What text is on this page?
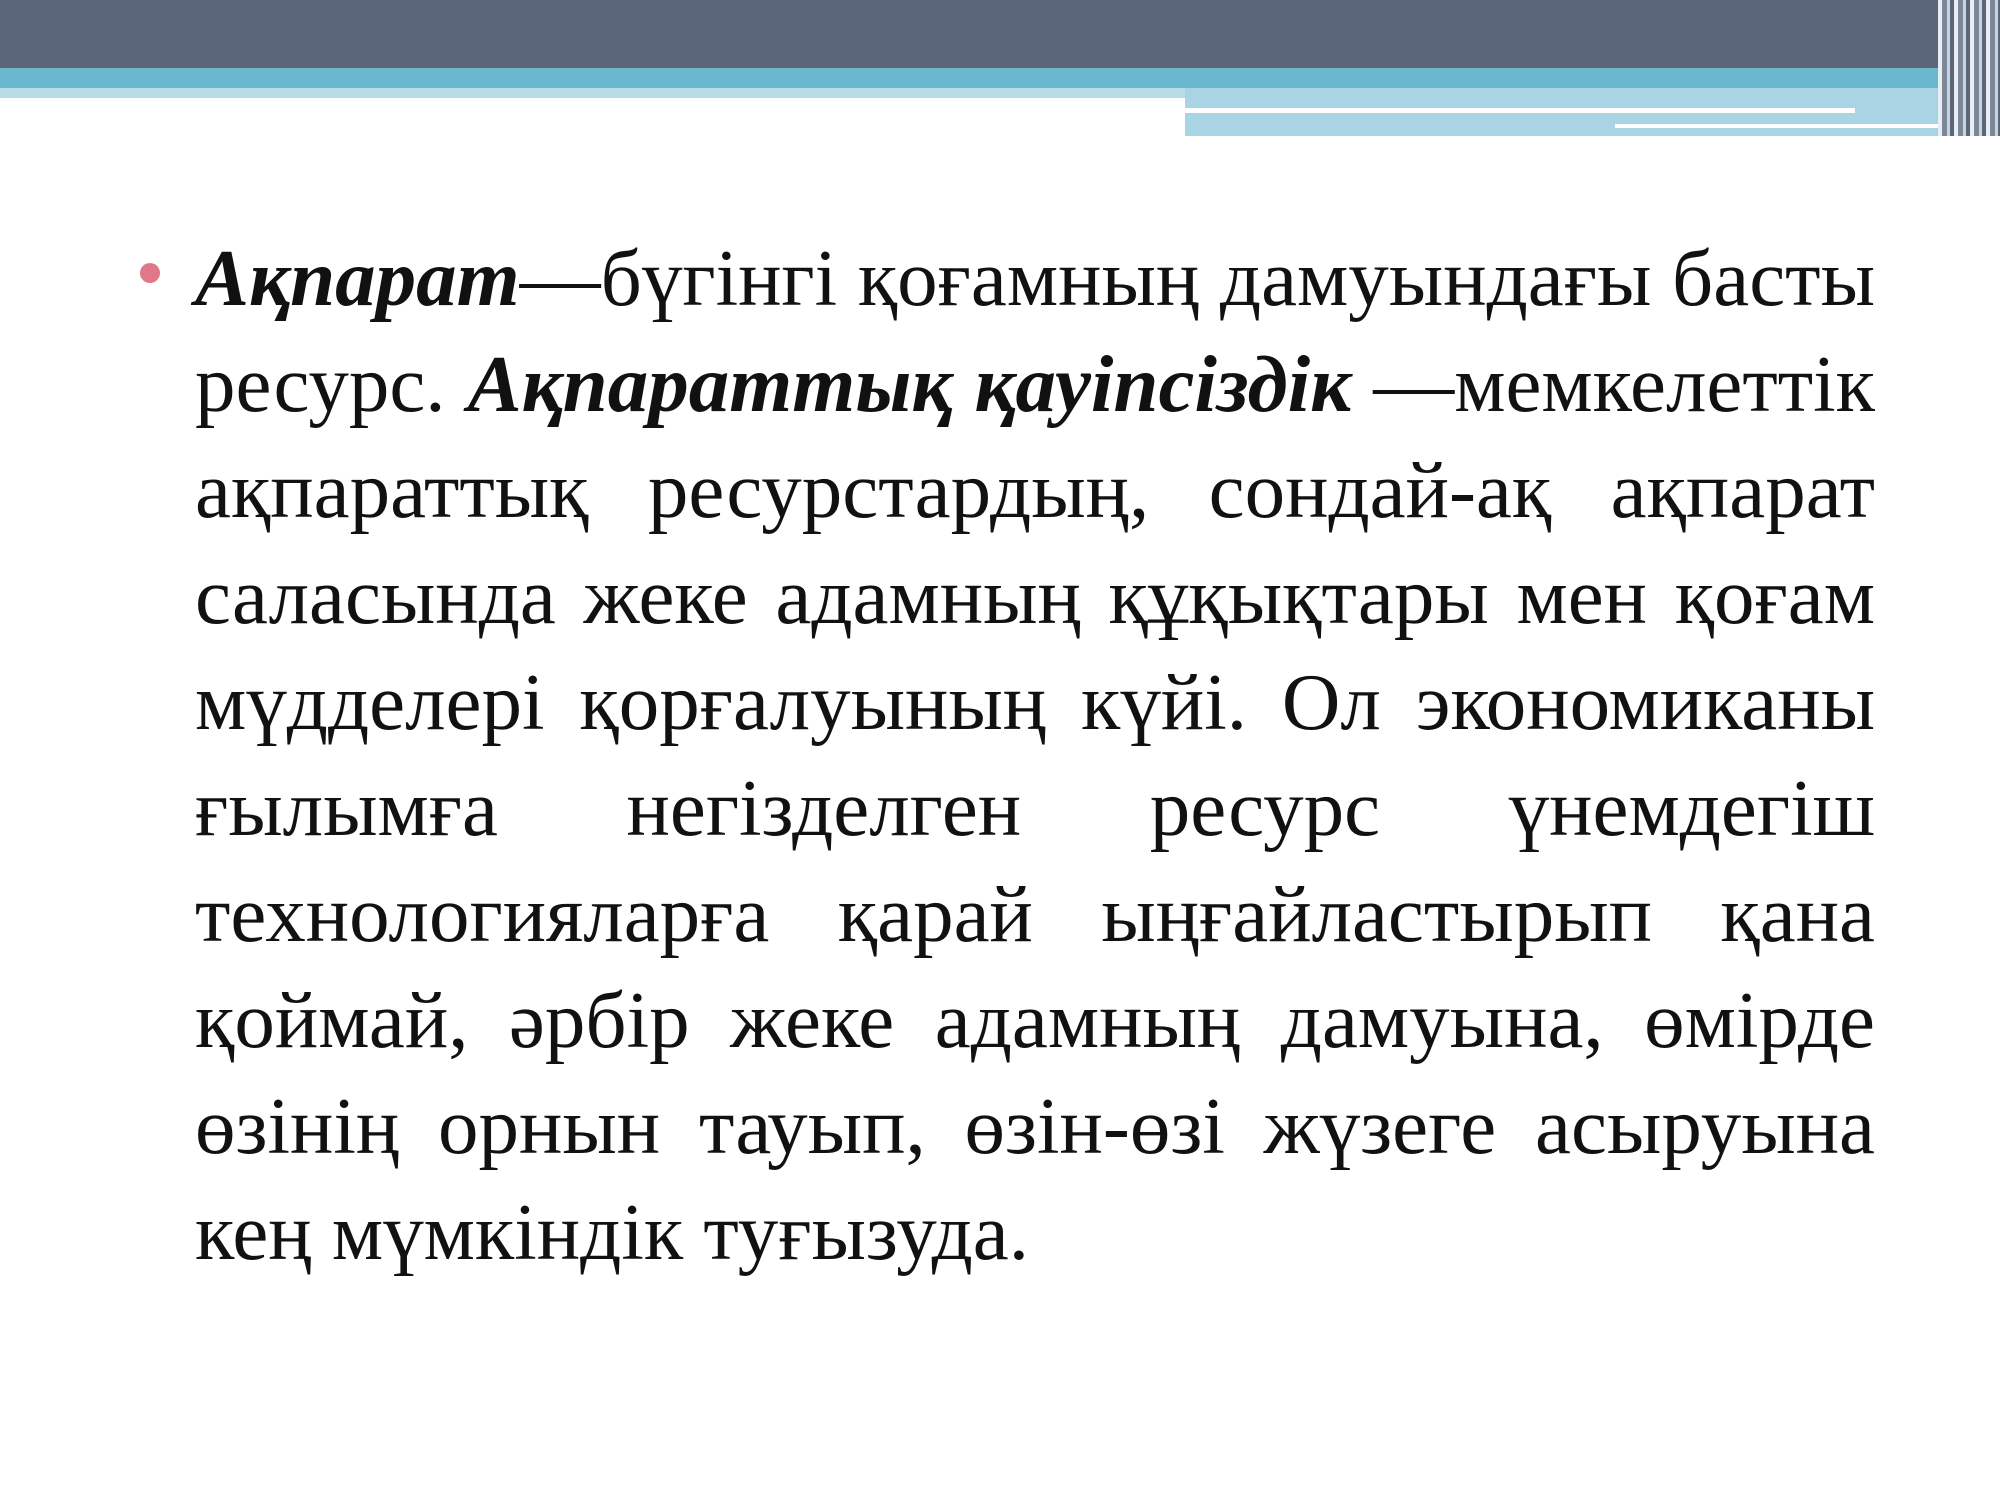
Ақпарат—бүгінгі қоғамның дамуындағы басты ресурс. Ақпараттық қауіпсіздік —мемкелеттік ақпараттық ресурстардың, сондай-ақ ақпарат саласында жеке адамның құқықтары мен қоғам мүдделері қорғалуының күйі. Ол экономиканы ғылымға негізделген ресурс үнемдегіш технологияларға қарай ыңғайластырып қана қоймай, әрбір жеке адамның дамуына, өмірде өзінің орнын тауып, өзін-өзі жүзеге асыруына кең мүмкіндік туғызуда.
